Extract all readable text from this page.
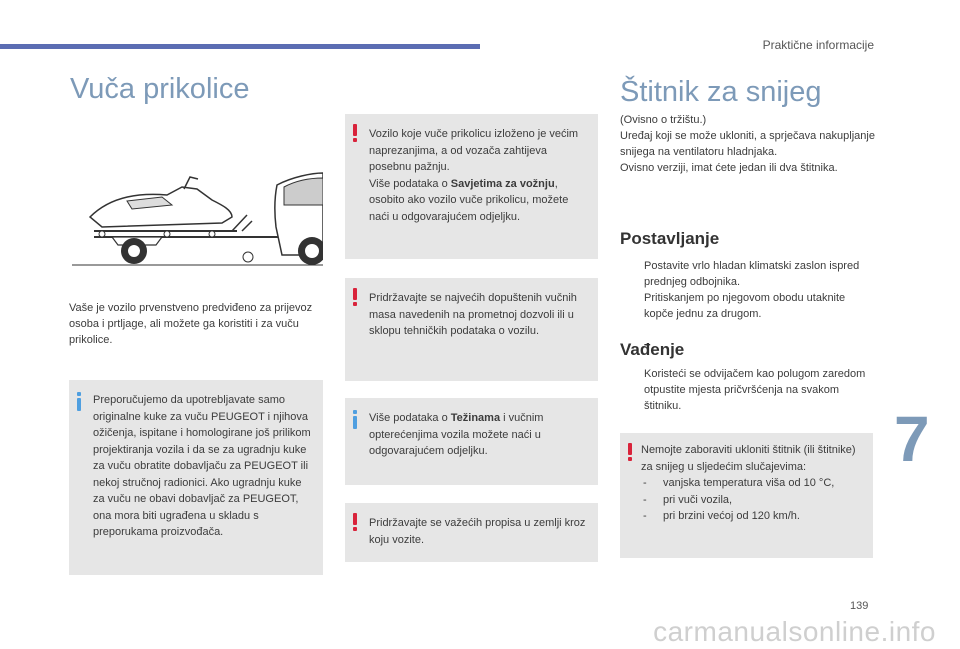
Praktične informacije
Vuča prikolice
Vaše je vozilo prvenstveno predviđeno za prijevoz osoba i prtljage, ali možete ga koristiti i za vuču prikolice.
Preporučujemo da upotrebljavate samo originalne kuke za vuču PEUGEOT i njihova ožičenja, ispitane i homologirane još prilikom projektiranja vozila i da se za ugradnju kuke za vuču obratite dobavljaču za PEUGEOT ili nekoj stručnoj radionici. Ako ugradnju kuke za vuču ne obavi dobavljač za PEUGEOT, ona mora biti ugrađena u skladu s preporukama proizvođača.
Vozilo koje vuče prikolicu izloženo je većim naprezanjima, a od vozača zahtijeva posebnu pažnju.
Više podataka o Savjetima za vožnju, osobito ako vozilo vuče prikolicu, možete naći u odgovarajućem odjeljku.
Pridržavajte se najvećih dopuštenih vučnih masa navedenih na prometnoj dozvoli ili u sklopu tehničkih podataka o vozilu.
Više podataka o Težinama i vučnim opterećenjima vozila možete naći u odgovarajućem odjeljku.
Pridržavajte se važećih propisa u zemlji kroz koju vozite.
Štitnik za snijeg
(Ovisno o tržištu.)
Uređaj koji se može ukloniti, a sprječava nakupljanje snijega na ventilatoru hladnjaka.
Ovisno verziji, imat ćete jedan ili dva štitnika.
Postavljanje
Postavite vrlo hladan klimatski zaslon ispred prednjeg odbojnika.
Pritiskanjem po njegovom obodu utaknite kopče jednu za drugom.
Vađenje
Koristeći se odvijačem kao polugom zaredom otpustite mjesta pričvršćenja na svakom štitniku.
Nemojte zaboraviti ukloniti štitnik (ili štitnike) za snijeg u sljedećim slučajevima:
- vanjska temperatura viša od 10 °C,
- pri vuči vozila,
- pri brzini većoj od 120 km/h.
7
139
carmanualsonline.info
